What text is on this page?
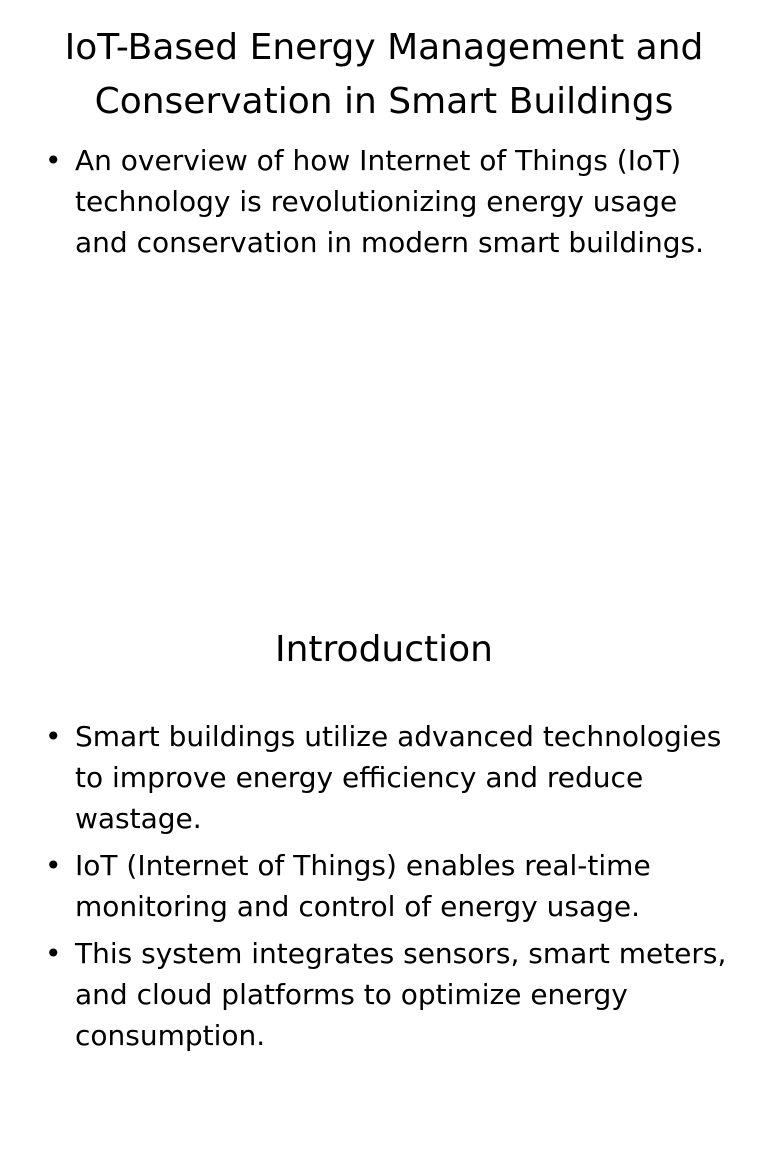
IoT-Based Energy Management and Conservation in Smart Buildings
• An overview of how Internet of Things (IoT) technology is revolutionizing energy usage and conservation in modern smart buildings.
Introduction
• Smart buildings utilize advanced technologies to improve energy efficiency and reduce wastage.
• IoT (Internet of Things) enables real-time monitoring and control of energy usage.
• This system integrates sensors, smart meters, and cloud platforms to optimize energy consumption.
